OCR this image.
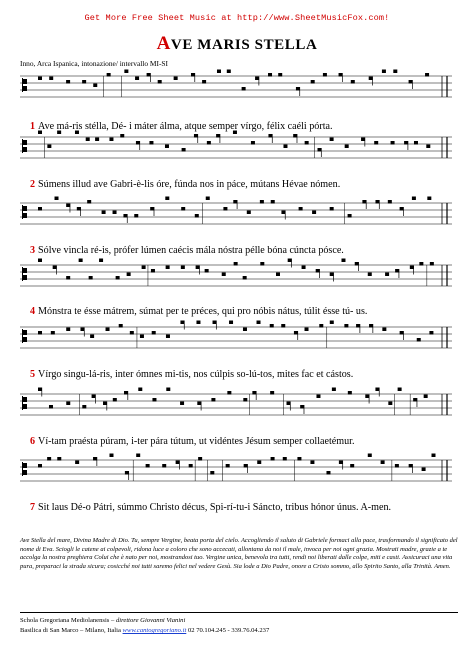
Get More Free Sheet Music at http://www.SheetMusicFox.com!
AVE MARIS STELLA
Inno, Arca Ispanica, intonazione/ intervallo MI-SI
1 Ave má-ris stélla, Dé- i máter álma, atque semper vírgo, félix caéli pórta.
2 Súmens illud ave Gabri-è-lis óre, fúnda nos in páce, mútans Hévae nómen.
3 Sólve vincla ré-is, prófer lúmen caécis mála nóstra pélle bóna cúncta pósce.
4 Mónstra te ésse mátrem, súmat per te préces, qui pro nóbis nátus, túlit ésse tú- us.
5 Vírgo singu-lá-ris, inter ómnes mi-tis, nos cúlpis so-lú-tos, mites fac et cástos.
6 Ví-tam praésta púram, i-ter pára tútum, ut vidéntes Jésum semper collaetémur.
7 Sit laus Dé-o Pátri, súmmo Christo décus, Spi-rí-tu-i Sáncto, tribus hónor únus. A-men.
Ave Stella del mare, Divina Madre di Dio. Tu, sempre Vergine, beata porta del cielo. Accogliendo il saluto di Gabriele formaci alla pace, trasformando il significato del nome di Eva. Sciogli le catene ai colpevoli, ridona luce a coloro che sono accecati, allontana da noi il male, invoca per noi ogni grazia. Mostrati madre, grazie a te accolga la nostra preghiera Colui che è nato per noi, mostrandosi tuo. Vergine unica, benevola tra tutti, rendi noi liberati dalle colpe, miti e casti. Assicuraci una vita pura, preparaci la strada sicura; cosicché noi tutti saremo felici nel vedere Gesù. Sia lode a Dio Padre, onore a Cristo sommo, allo Spirito Santo, alla Trinità. Amen.
Schola Gregoriana Mediolanensis – direttore Giovanni Vianini
Basilica di San Marco – Milano, Italia www.cantogregoriano.it 02 70.104.245 - 339.76.04.237
